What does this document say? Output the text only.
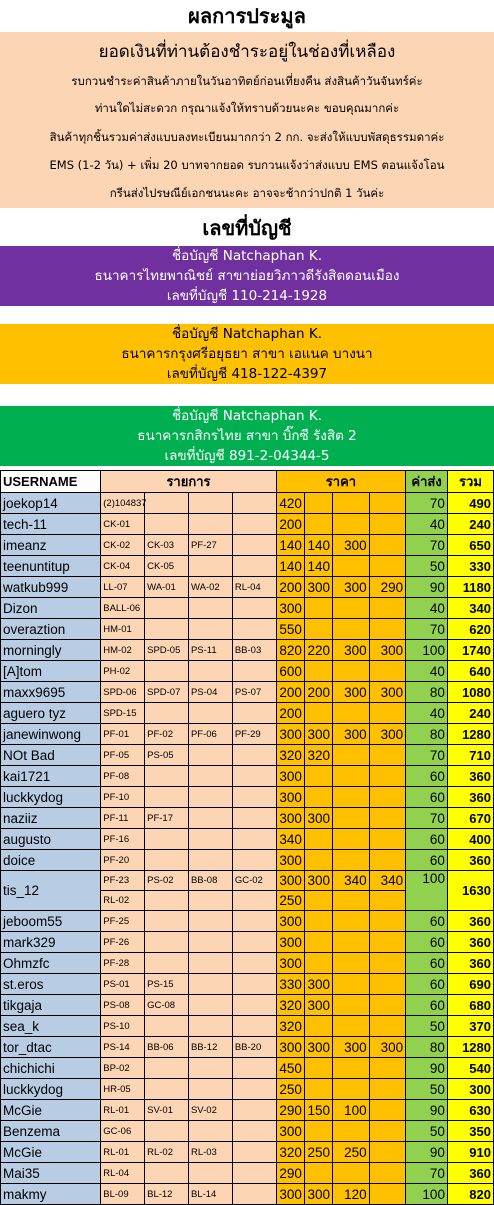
ผลการประมูล
ยอดเงินที่ท่านต้องชำระอยู่ในช่องที่เหลือง
รบกวนชำระค่าสินค้าภายในวันอาทิตย์ก่อนเที่ยงคืน ส่งสินค้าวันจันทร์ค่ะ
ท่านใดไม่สะดวก กรุณาแจ้งให้ทราบด้วยนะคะ ขอบคุณมากค่ะ
สินค้าทุกชิ้นรวมค่าส่งแบบลงทะเบียนมากกว่า 2 กก. จะส่งให้แบบพัสดุธรรมดาค่ะ
EMS (1-2 วัน) + เพิ่ม 20 บาทจากยอด รบกวนแจ้งว่าส่งแบบ EMS ตอนแจ้งโอน
กรีนส่งไปรษณีย์เอกชนนะคะ อาจจะช้ากว่าปกติ 1 วันค่ะ
เลขที่บัญชี
ชื่อบัญชี Natchaphan K.
ธนาคารไทยพาณิชย์ สาขาย่อยวิภาวดีรังสิตดอนเมือง
เลขที่บัญชี 110-214-1928
ชื่อบัญชี Natchaphan K.
ธนาคารกรุงศรีอยุธยา สาขา เอแนค บางนา
เลขที่บัญชี 418-122-4397
ชื่อบัญชี Natchaphan K.
ธนาคารกสิกรไทย สาขา บิ๊กซี รังสิต 2
เลขที่บัญชี 891-2-04344-5
USERNAME	รายการ				ราคา				ค่าส่ง	รวม
joekop14	(2)104837				420				70	490
tech-11	CK-01				200				40	240
imeanz	CK-02	CK-03	PF-27		140	140	300		70	650
teenuntitup	CK-04	CK-05			140	140			50	330
watkub999	LL-07	WA-01	WA-02	RL-04	200	300	300	290	90	1180
Dizon	BALL-06				300				40	340
overaztion	HM-01				550				70	620
morningly	HM-02	SPD-05	PS-11	BB-03	820	220	300	300	100	1740
[A]tom	PH-02				600				40	640
maxx9695	SPD-06	SPD-07	PS-04	PS-07	200	200	300	300	80	1080
aguero tyz	SPD-15				200				40	240
janewinwong	PF-01	PF-02	PF-06	PF-29	300	300	300	300	80	1280
NOt Bad	PF-05	PS-05			320	320			70	710
kai1721	PF-08				300				60	360
luckkydog	PF-10				300				60	360
naziiz	PF-11	PF-17			300	300			70	670
augusto	PF-16				340				60	400
doice	PF-20				300				60	360
tis_12	PF-23	PS-02	BB-08	GC-02	300	300	340	340	100	1630
	RL-02				250					
jeboom55	PF-25				300				60	360
mark329	PF-26				300				60	360
Ohmzfc	PF-28				300				60	360
st.eros	PS-01	PS-15			330	300			60	690
tikgaja	PS-08	GC-08			320	300			60	680
sea_k	PS-10				320				50	370
tor_dtac	PS-14	BB-06	BB-12	BB-20	300	300	300	300	80	1280
chichichi	BP-02				450				90	540
luckkydog	HR-05				250				50	300
McGie	RL-01	SV-01	SV-02		290	150	100		90	630
Benzema	GC-06				300				50	350
McGie	RL-01	RL-02	RL-03		320	250	250		90	910
Mai35	RL-04				290				70	360
makmy	BL-09	BL-12	BL-14		300	300	120		100	820
